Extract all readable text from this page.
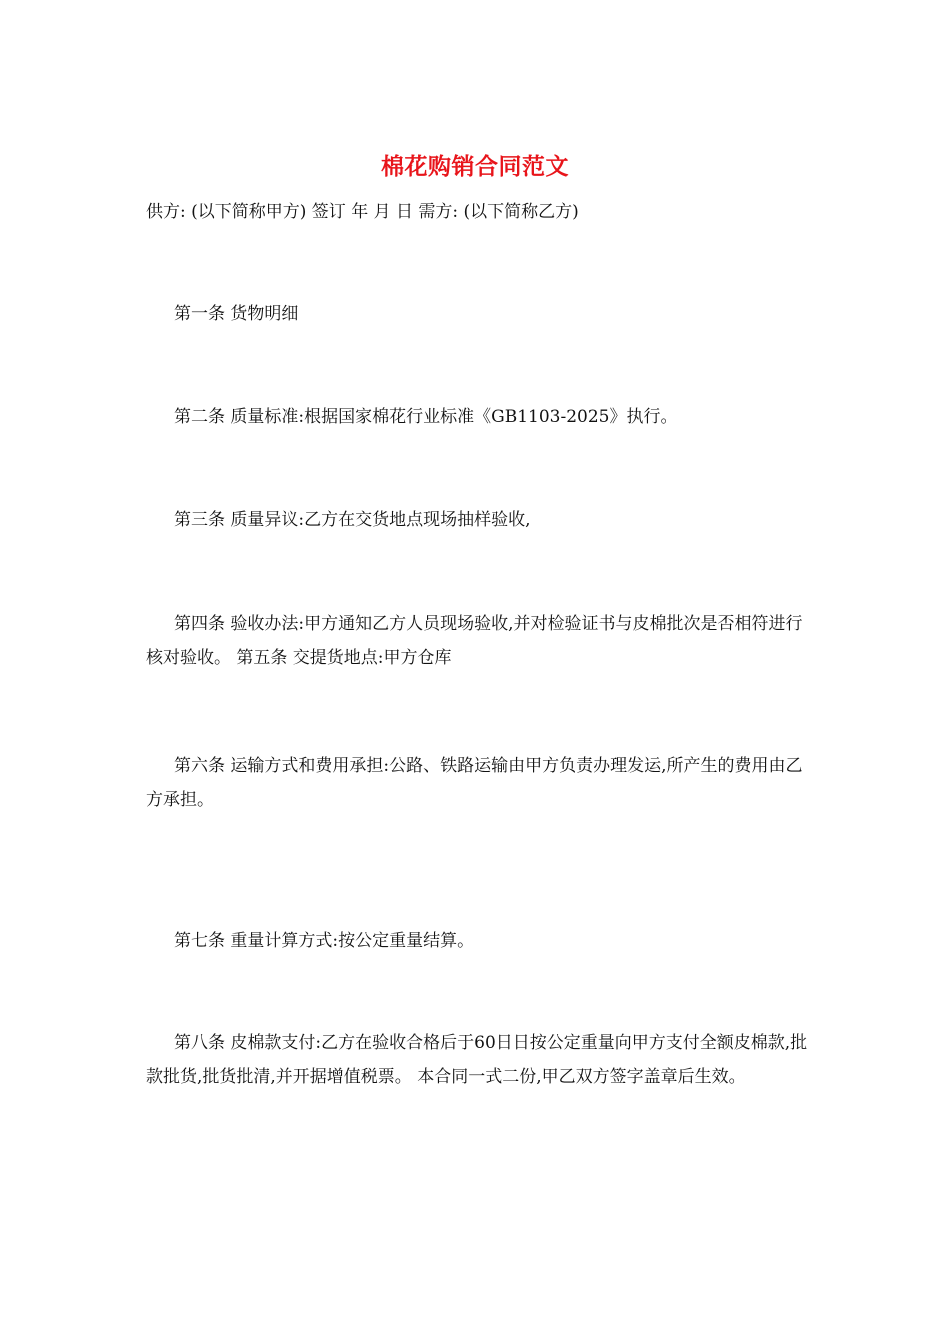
棉花购销合同范文

供方: (以下简称甲方) 签订 年 月 日 需方: (以下简称乙方)

第一条 货物明细

第二条 质量标准:根据国家棉花行业标准《GB1103-2025》执行。

第三条 质量异议:乙方在交货地点现场抽样验收,

第四条 验收办法:甲方通知乙方人员现场验收,并对检验证书与皮棉批次是否相符进行核对验收。 第五条 交提货地点:甲方仓库

第六条 运输方式和费用承担:公路、铁路运输由甲方负责办理发运,所产生的费用由乙方承担。

第七条 重量计算方式:按公定重量结算。

第八条 皮棉款支付:乙方在验收合格后于60日日按公定重量向甲方支付全额皮棉款,批款批货,批货批清,并开据增值税票。 本合同一式二份,甲乙双方签字盖章后生效。
